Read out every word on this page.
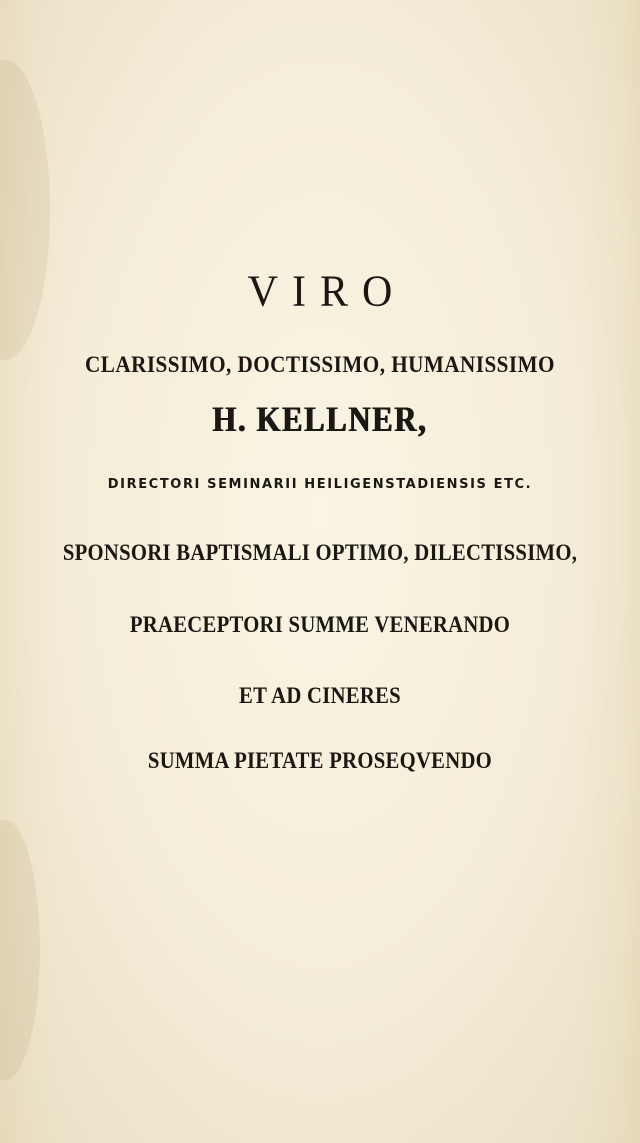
VIRO
CLARISSIMO, DOCTISSIMO, HUMANISSIMO
H. KELLNER,
DIRECTORI SEMINARII HEILIGENSTADIENSIS ETC.
SPONSORI BAPTISMALI OPTIMO, DILECTISSIMO,
PRAECEPTORI SUMME VENERANDO
ET AD CINERES
SUMMA PIETATE PROSEQVENDO
